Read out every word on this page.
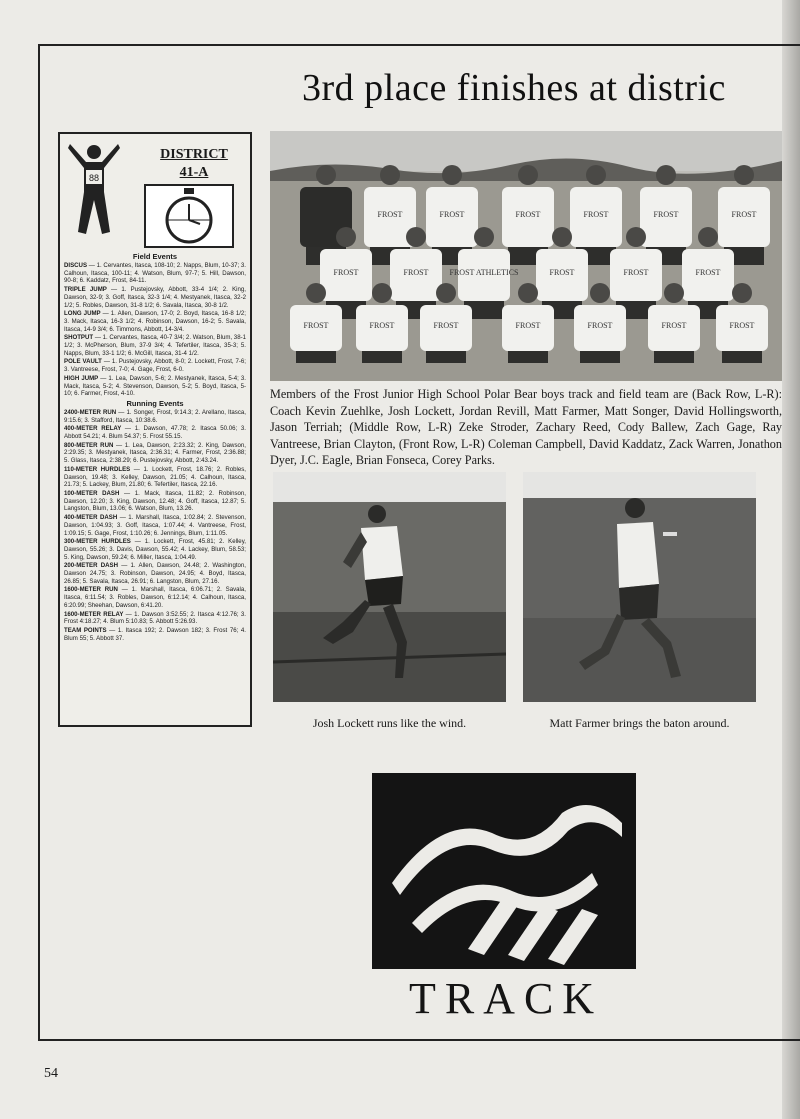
3rd place finishes at distric
88
DISTRICT
41-A
Field Events
DISCUS — 1. Cervantes, Itasca, 108-10; 2. Napps, Blum, 10-37; 3. Calhoun, Itasca, 100-11; 4. Watson, Blum, 97-7; 5. Hill, Dawson, 90-8; 6. Kaddatz, Frost, 84-11.
TRIPLE JUMP — 1. Pustejovsky, Abbott, 33-4 1/4; 2. King, Dawson, 32-9; 3. Goff, Itasca, 32-3 1/4; 4. Mestyanek, Itasca, 32-2 1/2; 5. Robles, Dawson, 31-8 1/2; 6. Savala, Itasca, 30-8 1/2.
LONG JUMP — 1. Allen, Dawson, 17-0; 2. Boyd, Itasca, 16-8 1/2; 3. Mack, Itasca, 16-3 1/2; 4. Robinson, Dawson, 16-2; 5. Savala, Itasca, 14-9 3/4; 6. Timmons, Abbott, 14-3/4.
SHOTPUT — 1. Cervantes, Itasca, 40-7 3/4; 2. Watson, Blum, 38-1 1/2; 3. McPherson, Blum, 37-9 3/4; 4. Tefertiler, Itasca, 35-3; 5. Napps, Blum, 33-1 1/2; 6. McGill, Itasca, 31-4 1/2.
POLE VAULT — 1. Pustejovsky, Abbott, 8-0; 2. Lockett, Frost, 7-6; 3. Vantreese, Frost, 7-0; 4. Gage, Frost, 6-0.
HIGH JUMP — 1. Lea, Dawson, 5-6; 2. Mestyanek, Itasca, 5-4; 3. Mack, Itasca, 5-2; 4. Stevenson, Dawson, 5-2; 5. Boyd, Itasca, 5-10; 6. Farmer, Frost, 4-10.
Running Events
2400-METER RUN — 1. Songer, Frost, 9:14.3; 2. Arellano, Itasca, 9:15.6; 3. Stafford, Itasca, 10:38.6.
400-METER RELAY — 1. Dawson, 47.78; 2. Itasca 50.06; 3. Abbott 54.21; 4. Blum 54.37; 5. Frost 55.15.
800-METER RUN — 1. Lea, Dawson, 2:23.32; 2. King, Dawson, 2:29.35; 3. Mestyanek, Itasca, 2:36.31; 4. Farmer, Frost, 2:36.88; 5. Glass, Itasca, 2:38.29; 6. Pustejovsky, Abbott, 2:43.24.
110-METER HURDLES — 1. Lockett, Frost, 18.76; 2. Robles, Dawson, 19.48; 3. Kelley, Dawson, 21.05; 4. Calhoun, Itasca, 21.73; 5. Lackey, Blum, 21.80; 6. Tefertiler, Itasca, 22.16.
100-METER DASH — 1. Mack, Itasca, 11.82; 2. Robinson, Dawson, 12.20; 3. King, Dawson, 12.48; 4. Goff, Itasca, 12.87; 5. Langston, Blum, 13.06; 6. Watson, Blum, 13.26.
400-METER DASH — 1. Marshall, Itasca, 1:02.84; 2. Stevenson, Dawson, 1:04.93; 3. Goff, Itasca, 1:07.44; 4. Vantreese, Frost, 1:09.15; 5. Gage, Frost, 1:10.26; 6. Jennings, Blum, 1:11.05.
300-METER HURDLES — 1. Lockett, Frost, 45.81; 2. Kelley, Dawson, 55.26; 3. Davis, Dawson, 55.42; 4. Lackey, Blum, 58.53; 5. King, Dawson, 59.24; 6. Miller, Itasca, 1:04.49.
200-METER DASH — 1. Allen, Dawson, 24.48; 2. Washington, Dawson 24.75; 3. Robinson, Dawson, 24.95; 4. Boyd, Itasca, 26.85; 5. Savala, Itasca, 26.91; 6. Langston, Blum, 27.16.
1600-METER RUN — 1. Marshall, Itasca, 6:06.71; 2. Savala, Itasca, 6:11.54; 3. Robles, Dawson, 6:12.14; 4. Calhoun, Itasca, 6:20.99; Sheehan, Dawson, 6:41.20.
1600-METER RELAY — 1. Dawson 3:52.55; 2. Itasca 4:12.76; 3. Frost 4:18.27; 4. Blum 5:10.83; 5. Abbott 5:26.93.
TEAM POINTS — 1. Itasca 192; 2. Dawson 182; 3. Frost 76; 4. Blum 55; 5. Abbott 37.
FROST	FROST	FROST	FROST	FROST	FROST
FROST	FROST	FROST ATHLETICS	FROST	FROST	FROST
FROST	FROST	FROST	FROST	FROST	FROST	FROST
Members of the Frost Junior High School Polar Bear boys track and field team are (Back Row, L-R): Coach Kevin Zuehlke, Josh Lockett, Jordan Revill, Matt Farmer, Matt Songer, David Hollingsworth, Jason Terriah; (Middle Row, L-R) Zeke Stroder, Zachary Reed, Cody Ballew, Zach Gage, Ray Vantreese, Brian Clayton, (Front Row, L-R) Coleman Campbell, David Kaddatz, Zack Warren, Jonathon Dyer, J.C. Eagle, Brian Fonseca, Corey Parks.
Josh Lockett runs like the wind.	Matt Farmer brings the baton around.
TRACK
54
